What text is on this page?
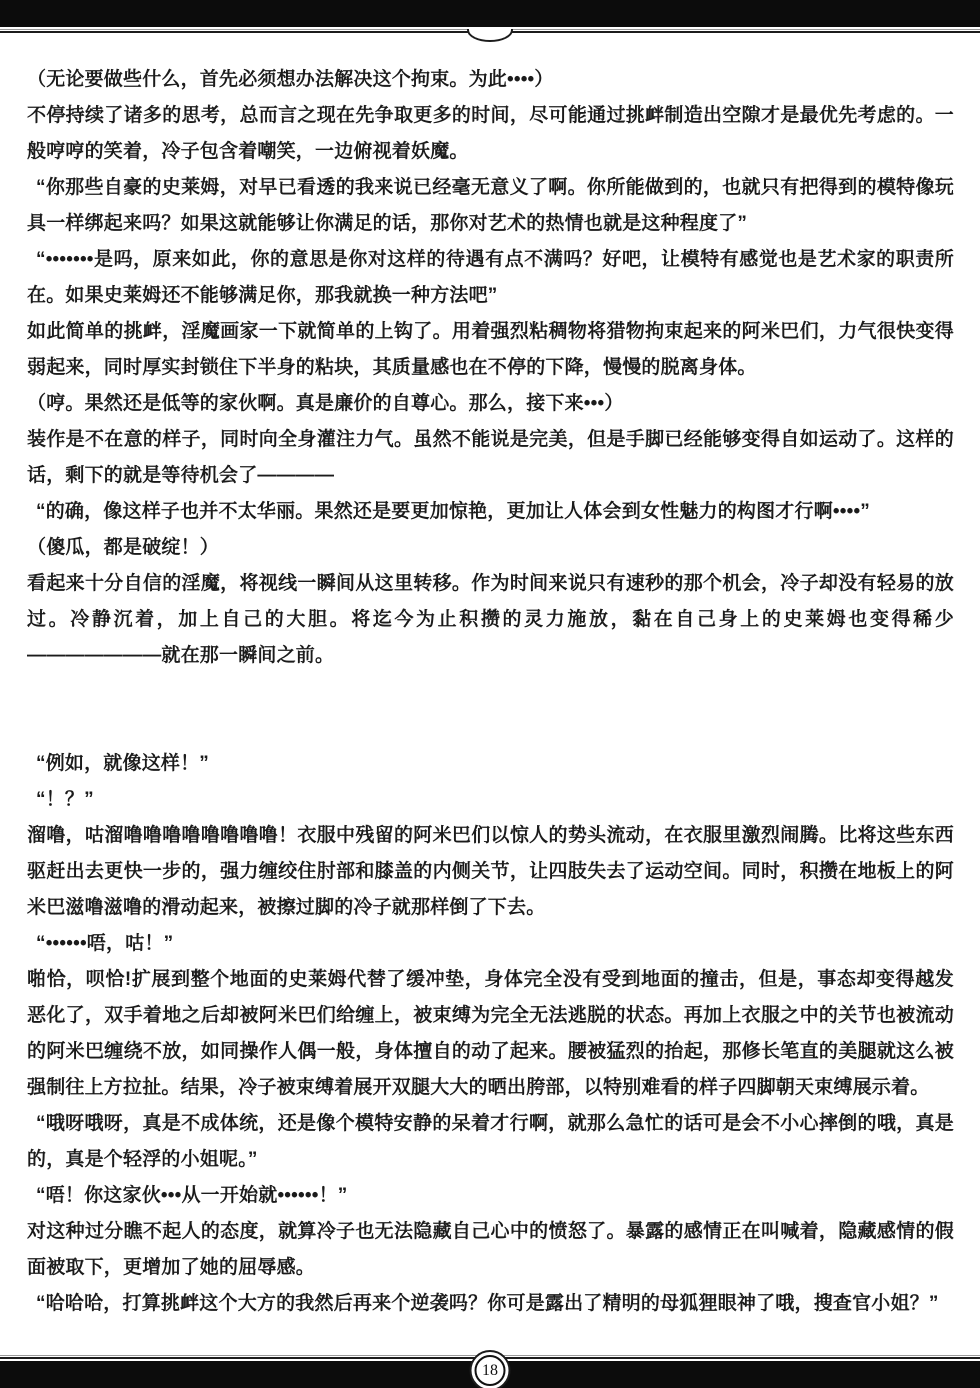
（无论要做些什么，首先必须想办法解决这个拘束。为此••••）

不停持续了诸多的思考，总而言之现在先争取更多的时间，尽可能通过挑衅制造出空隙才是最优先考虑的。一般哼哼的笑着，冷子包含着嘲笑，一边俯视着妖魔。

“你那些自豪的史莱姆，对早已看透的我来说已经毫无意义了啊。你所能做到的，也就只有把得到的模特像玩具一样绑起来吗？如果这就能够让你满足的话，那你对艺术的热情也就是这种程度了”

“•••••••是吗，原来如此，你的意思是你对这样的待遇有点不满吗？好吧，让模特有感觉也是艺术家的职责所在。如果史莱姆还不能够满足你，那我就换一种方法吧”

如此简单的挑衅，淫魔画家一下就简单的上钩了。用着强烈粘稠物将猎物拘束起来的阿米巴们，力气很快变得弱起来，同时厚实封锁住下半身的粘块，其质量感也在不停的下降，慢慢的脱离身体。

（哼。果然还是低等的家伙啊。真是廉价的自尊心。那么，接下来•••）

装作是不在意的样子，同时向全身灌注力气。虽然不能说是完美，但是手脚已经能够变得自如运动了。这样的话，剩下的就是等待机会了————

“的确，像这样子也并不太华丽。果然还是要更加惊艳，更加让人体会到女性魅力的构图才行啊••••”

（傻瓜，都是破绽！）

看起来十分自信的淫魔，将视线一瞬间从这里转移。作为时间来说只有速秒的那个机会，冷子却没有轻易的放过。冷静沉着，加上自己的大胆。将迄今为止积攒的灵力施放，黏在自己身上的史莱姆也变得稀少———————就在那一瞬间之前。

“例如，就像这样！”

“！？”

溜噜，咕溜噜噜噜噜噜噜噜噜！衣服中残留的阿米巴们以惊人的势头流动，在衣服里激烈闹腾。比将这些东西驱赶出去更快一步的，强力缠绞住肘部和膝盖的内侧关节，让四肢失去了运动空间。同时，积攒在地板上的阿米巴滋噜滋噜的滑动起来，被擦过脚的冷子就那样倒了下去。

“••••••唔，咕！”

啪恰，呗恰!扩展到整个地面的史莱姆代替了缓冲垫，身体完全没有受到地面的撞击，但是，事态却变得越发恶化了，双手着地之后却被阿米巴们给缠上，被束缚为完全无法逃脱的状态。再加上衣服之中的关节也被流动的阿米巴缠绕不放，如同操作人偶一般，身体擅自的动了起来。腰被猛烈的抬起，那修长笔直的美腿就这么被强制往上方拉扯。结果，冷子被束缚着展开双腿大大的晒出胯部，以特别难看的样子四脚朝天束缚展示着。

“哦呀哦呀，真是不成体统，还是像个模特安静的呆着才行啊，就那么急忙的话可是会不小心摔倒的哦，真是的，真是个轻浮的小姐呢。”

“唔！你这家伙•••从一开始就••••••！”

对这种过分瞧不起人的态度，就算冷子也无法隐藏自己心中的愤怒了。暴露的感情正在叫喊着，隐藏感情的假面被取下，更增加了她的屈辱感。

“哈哈哈，打算挑衅这个大方的我然后再来个逆袭吗？你可是露出了精明的母狐狸眼神了哦，搜查官小姐？”

18
